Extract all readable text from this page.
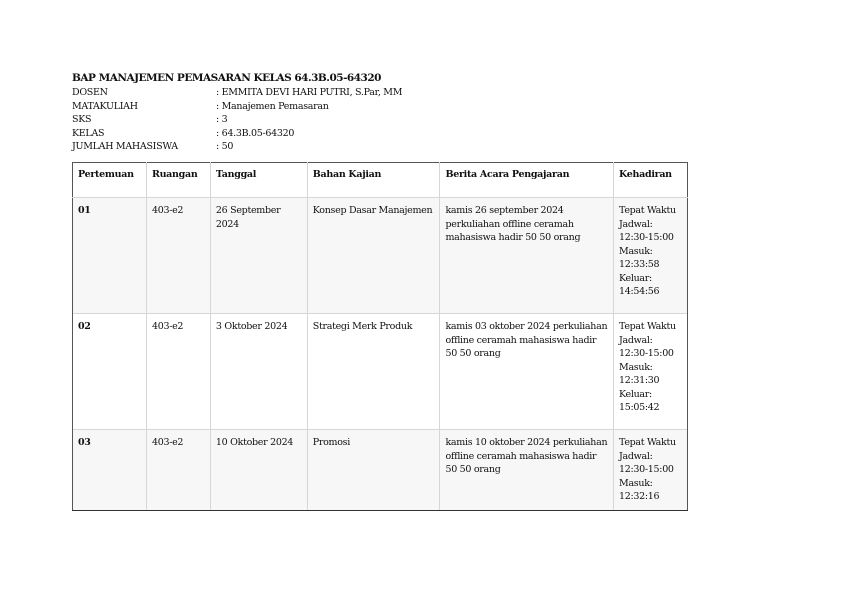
BAP MANAJEMEN PEMASARAN KELAS 64.3B.05-64320
DOSEN	: EMMITA DEVI HARI PUTRI, S.Par, MM
MATAKULIAH	: Manajemen Pemasaran
SKS	: 3
KELAS	: 64.3B.05-64320
JUMLAH MAHASISWA	: 50
Pertemuan	Ruangan	Tanggal	Bahan Kajian	Berita Acara Pengajaran	Kehadiran
01	403-e2	26 September 2024	Konsep Dasar Manajemen	kamis 26 september 2024 perkuliahan offline ceramah mahasiswa hadir 50 50 orang	Tepat Waktu Jadwal: 12:30-15:00 Masuk: 12:33:58 Keluar: 14:54:56
02	403-e2	3 Oktober 2024	Strategi Merk Produk	kamis 03 oktober 2024 perkuliahan offline ceramah mahasiswa hadir 50 50 orang	Tepat Waktu Jadwal: 12:30-15:00 Masuk: 12:31:30 Keluar: 15:05:42
03	403-e2	10 Oktober 2024	Promosi	kamis 10 oktober 2024 perkuliahan offline ceramah mahasiswa hadir 50 50 orang	Tepat Waktu Jadwal: 12:30-15:00 Masuk: 12:32:16
